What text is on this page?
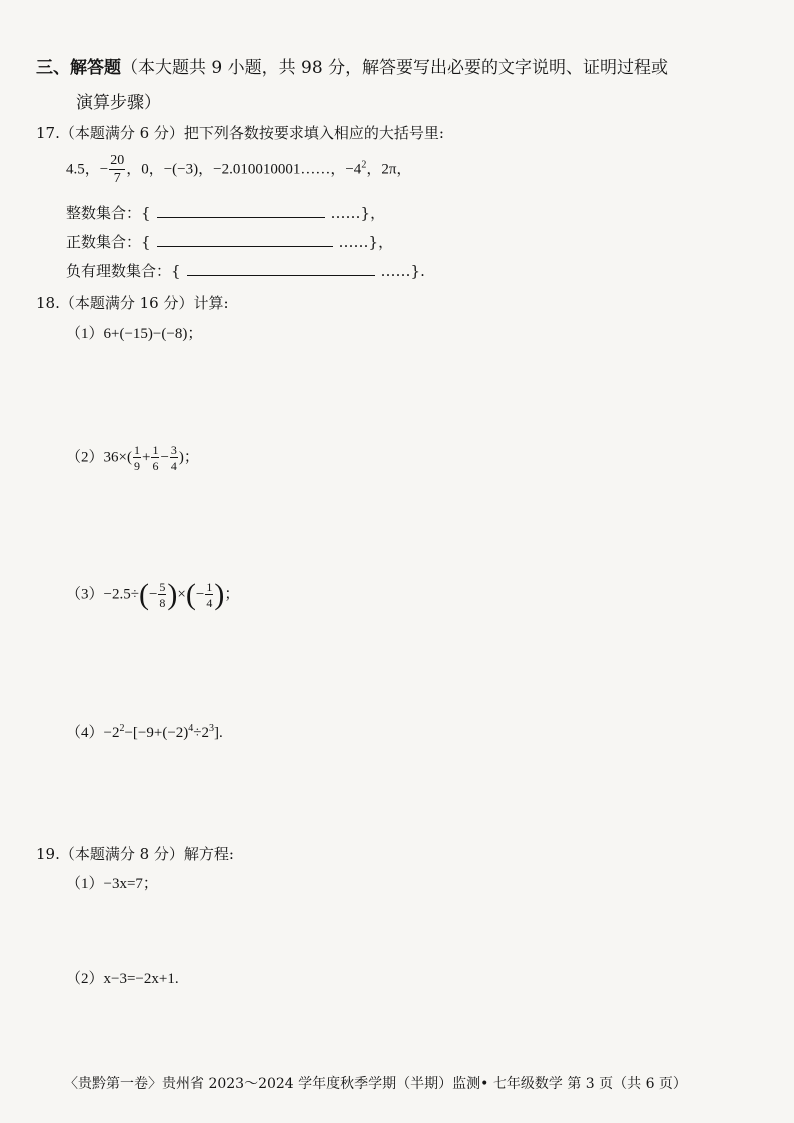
三、解答题（本大题共 9 小题，共 98 分，解答要写出必要的文字说明、证明过程或
演算步骤）
17.（本题满分 6 分）把下列各数按要求填入相应的大括号里:
4.5，− $\frac{20}{7}$ ，0，−(−3)，−2.010010001……，$-4^2$，2π，
整数集合：{	……}，
正数集合：{	……}，
负有理数集合：{	……}.
18.（本题满分 16 分）计算:
（1）6+(−15)−(−8)；
$(2)36\times( \frac{1}{9} + \frac{1}{6} - \frac{3}{4}$ )；
$(3)-2.5\div(- \frac{5}{8}$ )×(− $\frac{1}{4}$ )；
$(4)-2^2-[-9+(-2)^4\div 2^3]$.
19.（本题满分 8 分）解方程:
（1）−3x=7；
（2）x−3=−2x+1.
〈贵黔第一卷〉贵州省 2023～2024 学年度秋季学期（半期）监测• 七年级数学 第 3 页（共 6 页）
